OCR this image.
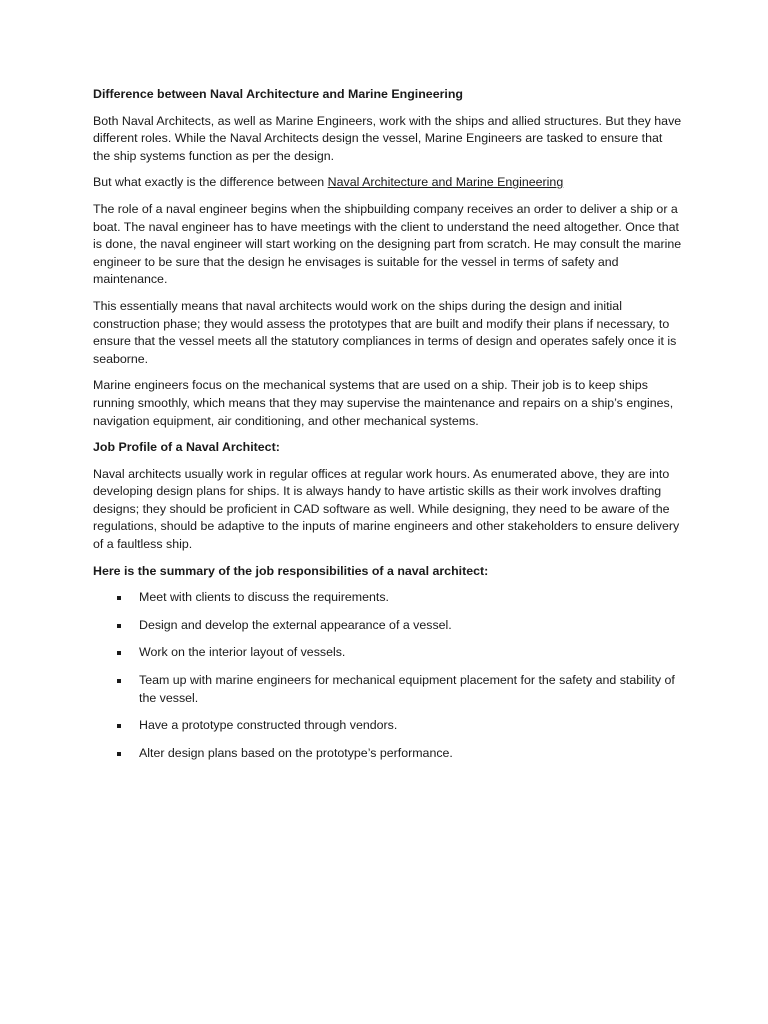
Difference between Naval Architecture and Marine Engineering

Both Naval Architects, as well as Marine Engineers, work with the ships and allied structures. But they have different roles. While the Naval Architects design the vessel, Marine Engineers are tasked to ensure that the ship systems function as per the design.

But what exactly is the difference between Naval Architecture and Marine Engineering

The role of a naval engineer begins when the shipbuilding company receives an order to deliver a ship or a boat. The naval engineer has to have meetings with the client to understand the need altogether. Once that is done, the naval engineer will start working on the designing part from scratch. He may consult the marine engineer to be sure that the design he envisages is suitable for the vessel in terms of safety and maintenance.

This essentially means that naval architects would work on the ships during the design and initial construction phase; they would assess the prototypes that are built and modify their plans if necessary, to ensure that the vessel meets all the statutory compliances in terms of design and operates safely once it is seaborne.

Marine engineers focus on the mechanical systems that are used on a ship. Their job is to keep ships running smoothly, which means that they may supervise the maintenance and repairs on a ship’s engines, navigation equipment, air conditioning, and other mechanical systems.

Job Profile of a Naval Architect:

Naval architects usually work in regular offices at regular work hours. As enumerated above, they are into developing design plans for ships. It is always handy to have artistic skills as their work involves drafting designs; they should be proficient in CAD software as well. While designing, they need to be aware of the regulations, should be adaptive to the inputs of marine engineers and other stakeholders to ensure delivery of a faultless ship.

Here is the summary of the job responsibilities of a naval architect:

Meet with clients to discuss the requirements.
Design and develop the external appearance of a vessel.
Work on the interior layout of vessels.
Team up with marine engineers for mechanical equipment placement for the safety and stability of the vessel.
Have a prototype constructed through vendors.
Alter design plans based on the prototype’s performance.
